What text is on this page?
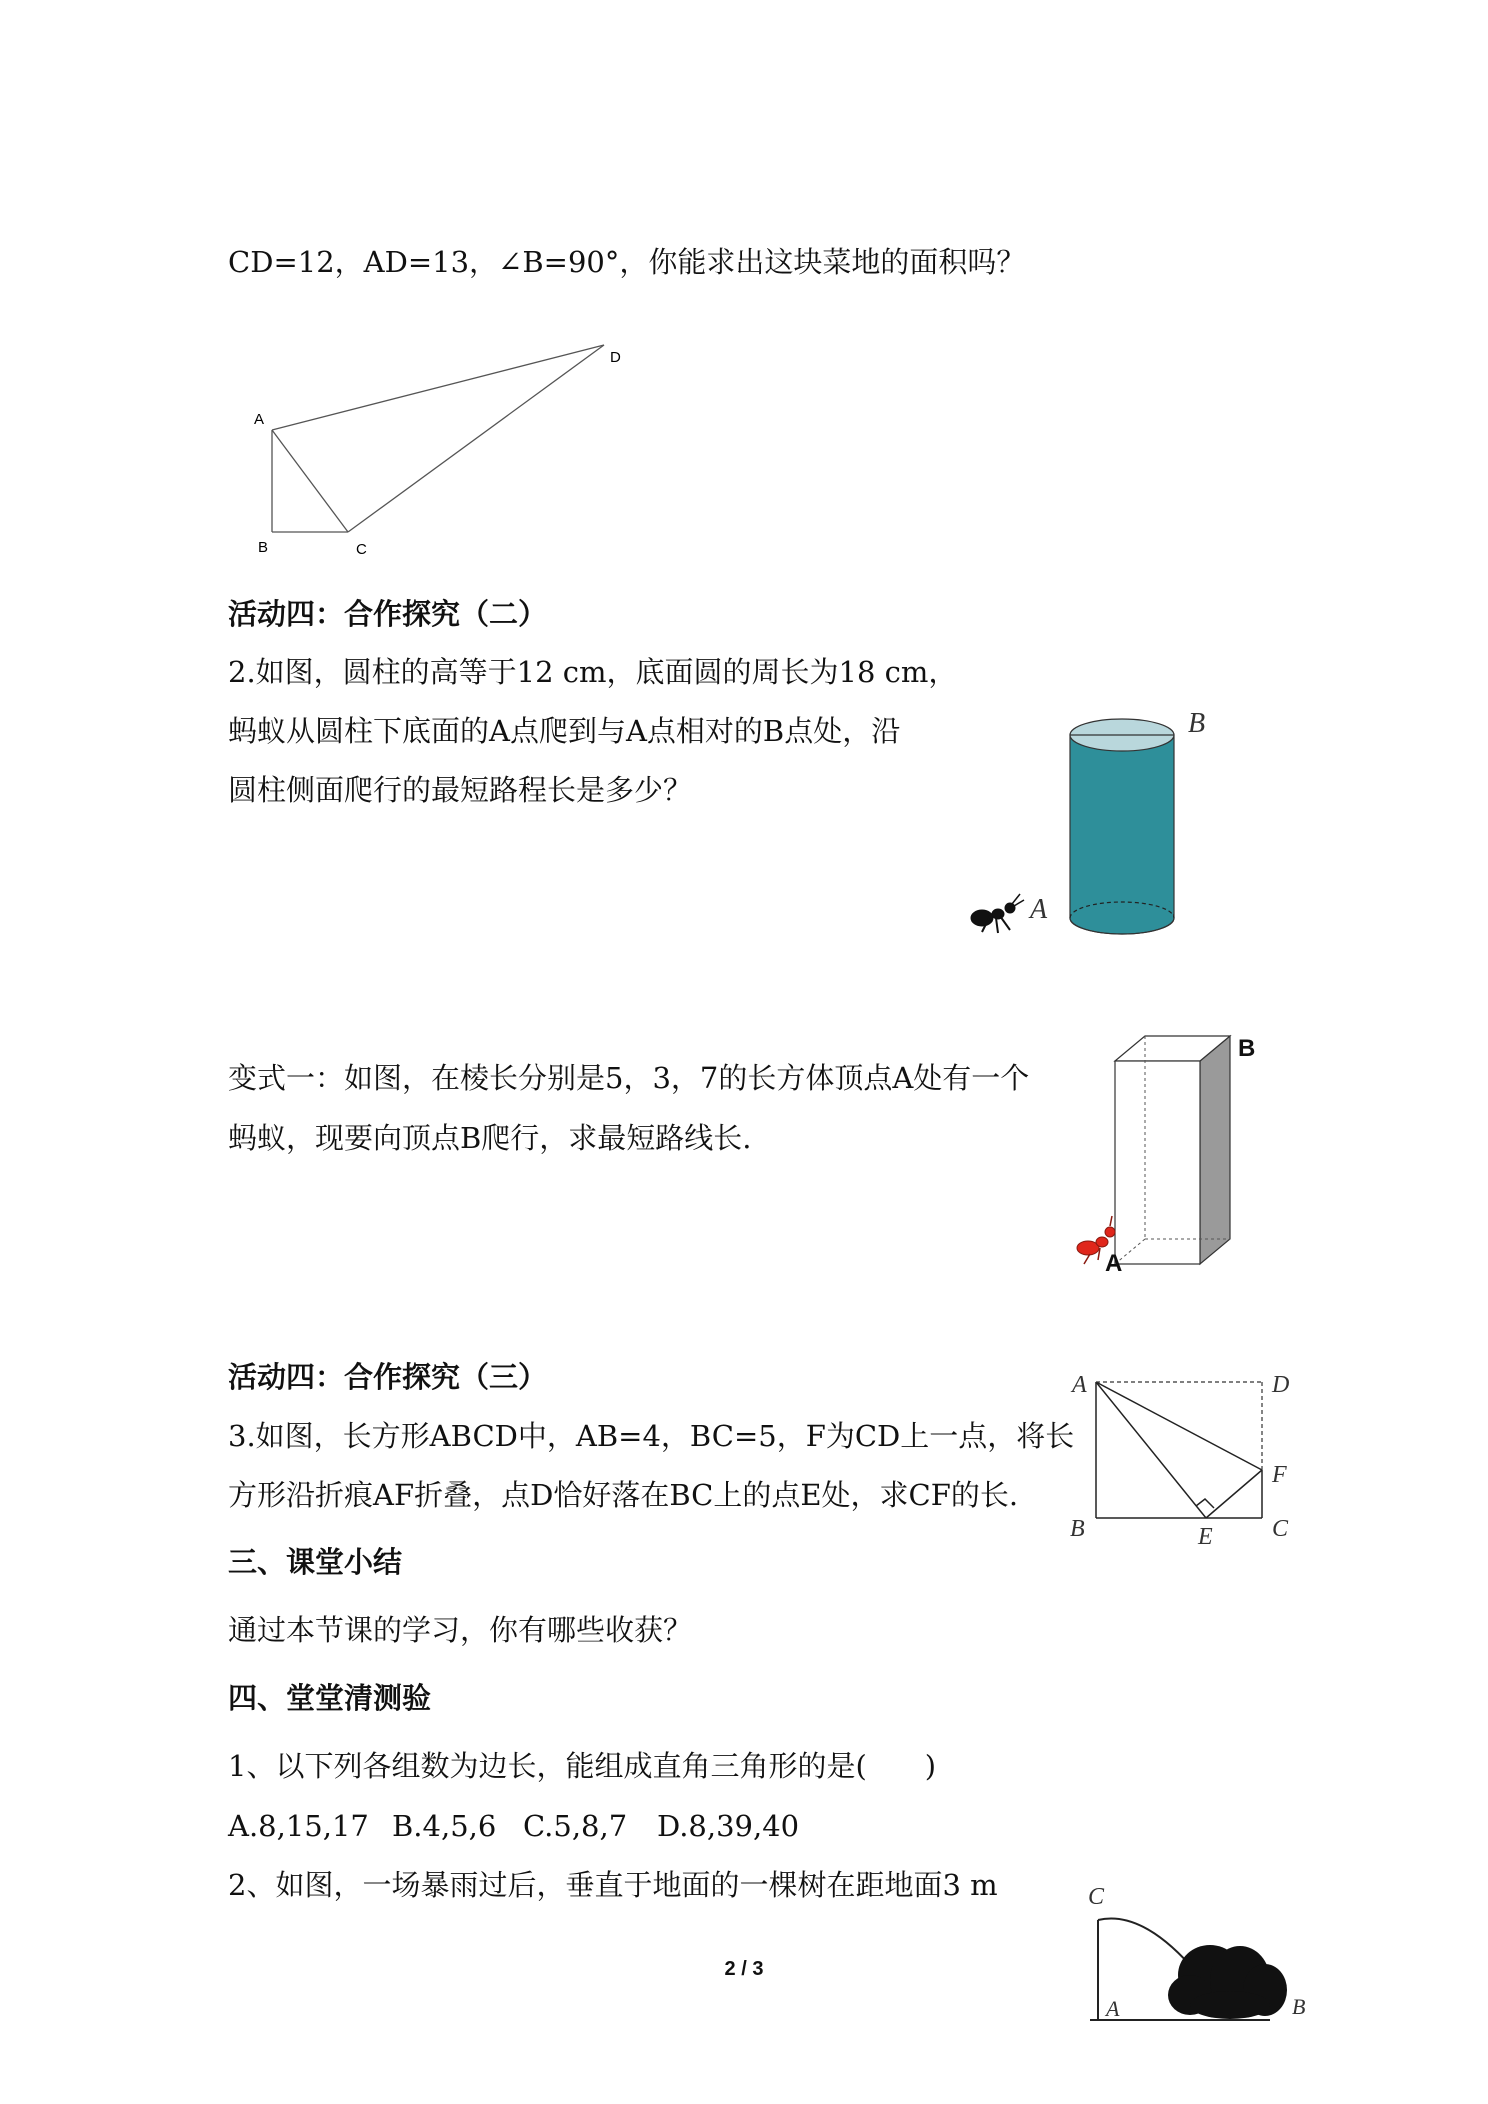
CD=12，AD=13，∠B=90°，你能求出这块菜地的面积吗？
A
B	C
D
活动四：合作探究（二）
2.如图，圆柱的高等于12 cm，底面圆的周长为18 cm，
蚂蚁从圆柱下底面的A点爬到与A点相对的B点处，沿
圆柱侧面爬行的最短路程长是多少？
B
A
变式一：如图，在棱长分别是5，3，7的长方体顶点A处有一个
蚂蚁，现要向顶点B爬行，求最短路线长.
B
A
活动四：合作探究（三）
3.如图，长方形ABCD中，AB=4，BC=5，F为CD上一点，将长
方形沿折痕AF折叠，点D恰好落在BC上的点E处，求CF的长.
A	D
F
B	C
E
三、课堂小结
通过本节课的学习，你有哪些收获？
四、堂堂清测验
1、以下列各组数为边长，能组成直角三角形的是(　　)
A.8,15,17 B.4,5,6 C.5,8,7 D.8,39,40
2、如图，一场暴雨过后，垂直于地面的一棵树在距地面3 m	C
A	B
2 / 3
